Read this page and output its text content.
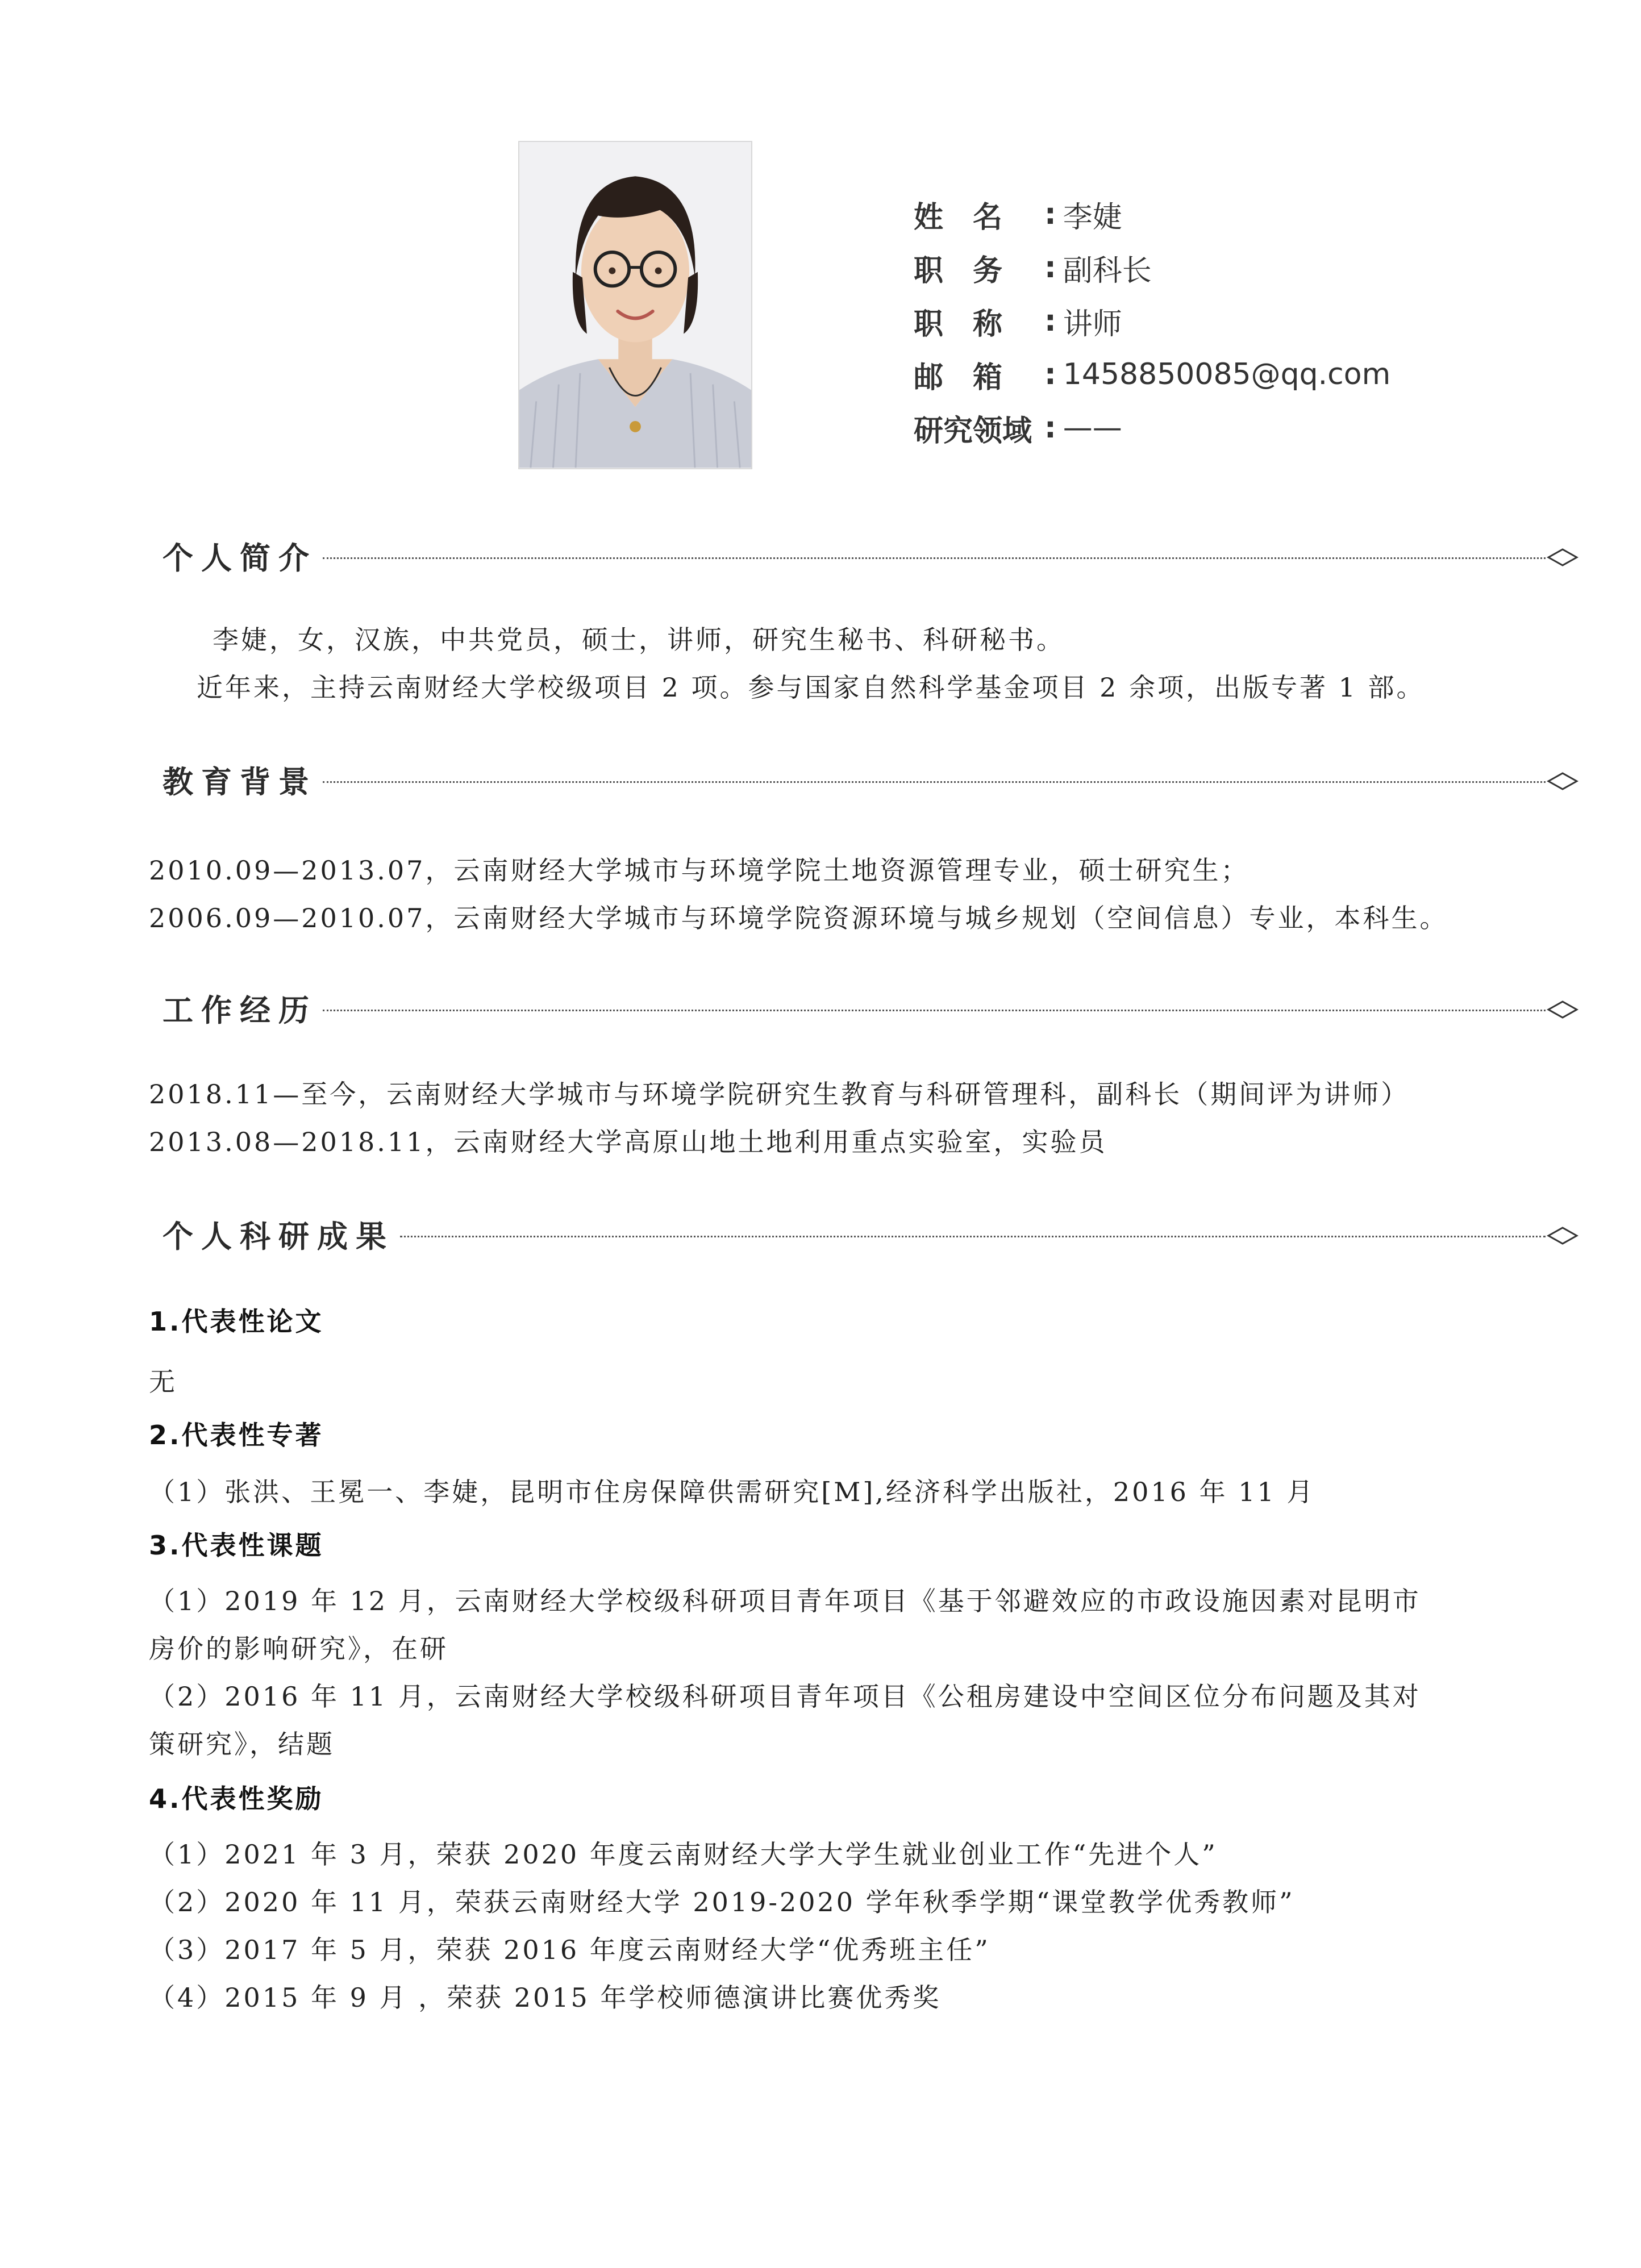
姓　名	: 李婕
职　务	: 副科长
职　称	: 讲师
邮　箱	: 1458850085@qq.com
研究领域 : ——
个人简介
李婕，女，汉族，中共党员，硕士，讲师，研究生秘书、科研秘书。
近年来，主持云南财经大学校级项目 2 项。参与国家自然科学基金项目 2 余项，出版专著 1 部。
教育背景
2010.09—2013.07，云南财经大学城市与环境学院土地资源管理专业，硕士研究生；
2006.09—2010.07，云南财经大学城市与环境学院资源环境与城乡规划（空间信息）专业，本科生。
工作经历
2018.11—至今，云南财经大学城市与环境学院研究生教育与科研管理科，副科长（期间评为讲师）
2013.08—2018.11，云南财经大学高原山地土地利用重点实验室，实验员
个人科研成果
1.代表性论文
无
2.代表性专著
（1）张洪、王冕一、李婕，昆明市住房保障供需研究[M],经济科学出版社，2016 年 11 月
3.代表性课题
（1）2019 年 12 月，云南财经大学校级科研项目青年项目《基于邻避效应的市政设施因素对昆明市
房价的影响研究》，在研
（2）2016 年 11 月，云南财经大学校级科研项目青年项目《公租房建设中空间区位分布问题及其对
策研究》，结题
4.代表性奖励
（1）2021 年 3 月，荣获 2020 年度云南财经大学大学生就业创业工作“先进个人”
（2）2020 年 11 月，荣获云南财经大学 2019-2020 学年秋季学期“课堂教学优秀教师”
（3）2017 年 5 月，荣获 2016 年度云南财经大学“优秀班主任”
（4）2015 年 9 月 ，荣获 2015 年学校师德演讲比赛优秀奖
